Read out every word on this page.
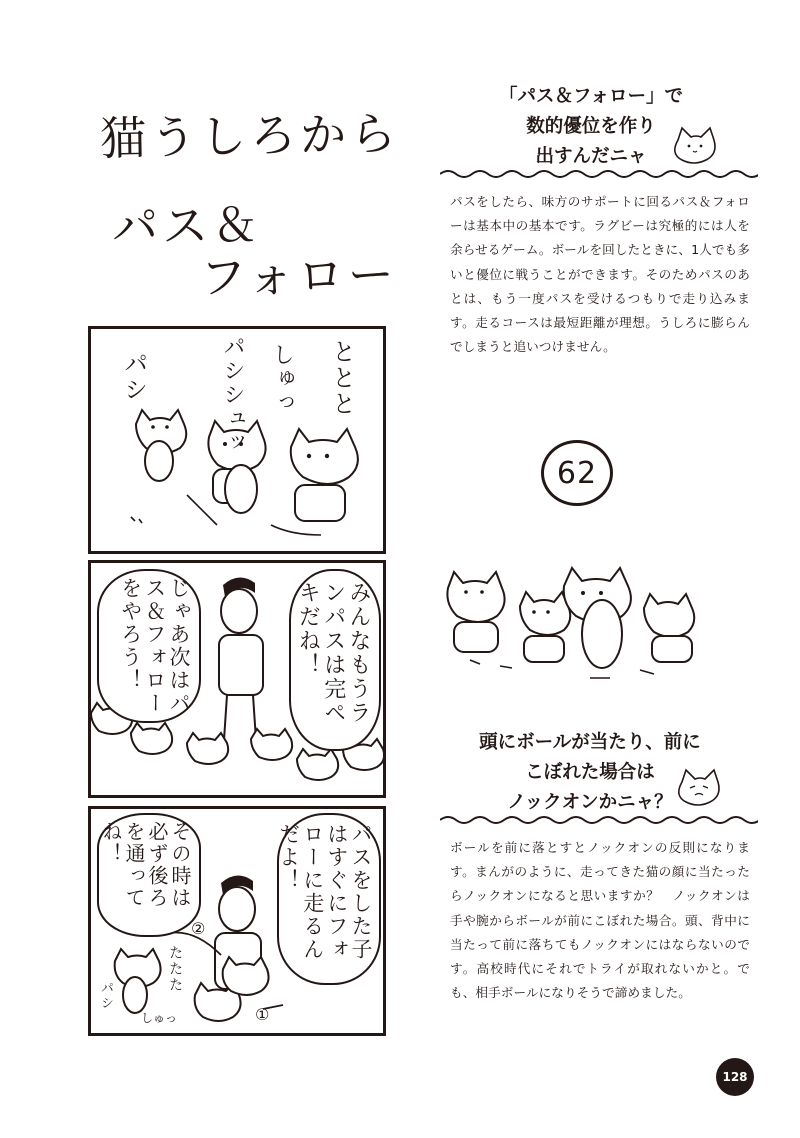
猫うしろから
パス＆
フォロー
パシ	パシシュッ しゅっ ととと
みんなもうランパスは完ペキだね！
じゃあ次はパス＆フォローをやろう！
パスをした子はすぐにフォローに走るんだよ！
その時は必ず後ろを通ってね！
たたた
パシ
しゅっ
②
①
「パス＆フォロー」で
数的優位を作り
出すんだニャ
パスをしたら、味方のサポートに回るパス＆フォローは基本中の基本です。ラグビーは究極的には人を余らせるゲーム。ボールを回したときに、1人でも多いと優位に戦うことができます。そのためパスのあとは、もう一度パスを受けるつもりで走り込みます。走るコースは最短距離が理想。うしろに膨らんでしまうと追いつけません。
62
頭にボールが当たり、前に
こぼれた場合は
ノックオンかニャ？
ボールを前に落とすとノックオンの反則になります。まんがのように、走ってきた猫の顔に当たったらノックオンになると思いますか？　ノックオンは手や腕からボールが前にこぼれた場合。頭、背中に当たって前に落ちてもノックオンにはならないのです。高校時代にそれでトライが取れないかと。でも、相手ボールになりそうで諦めました。
128
